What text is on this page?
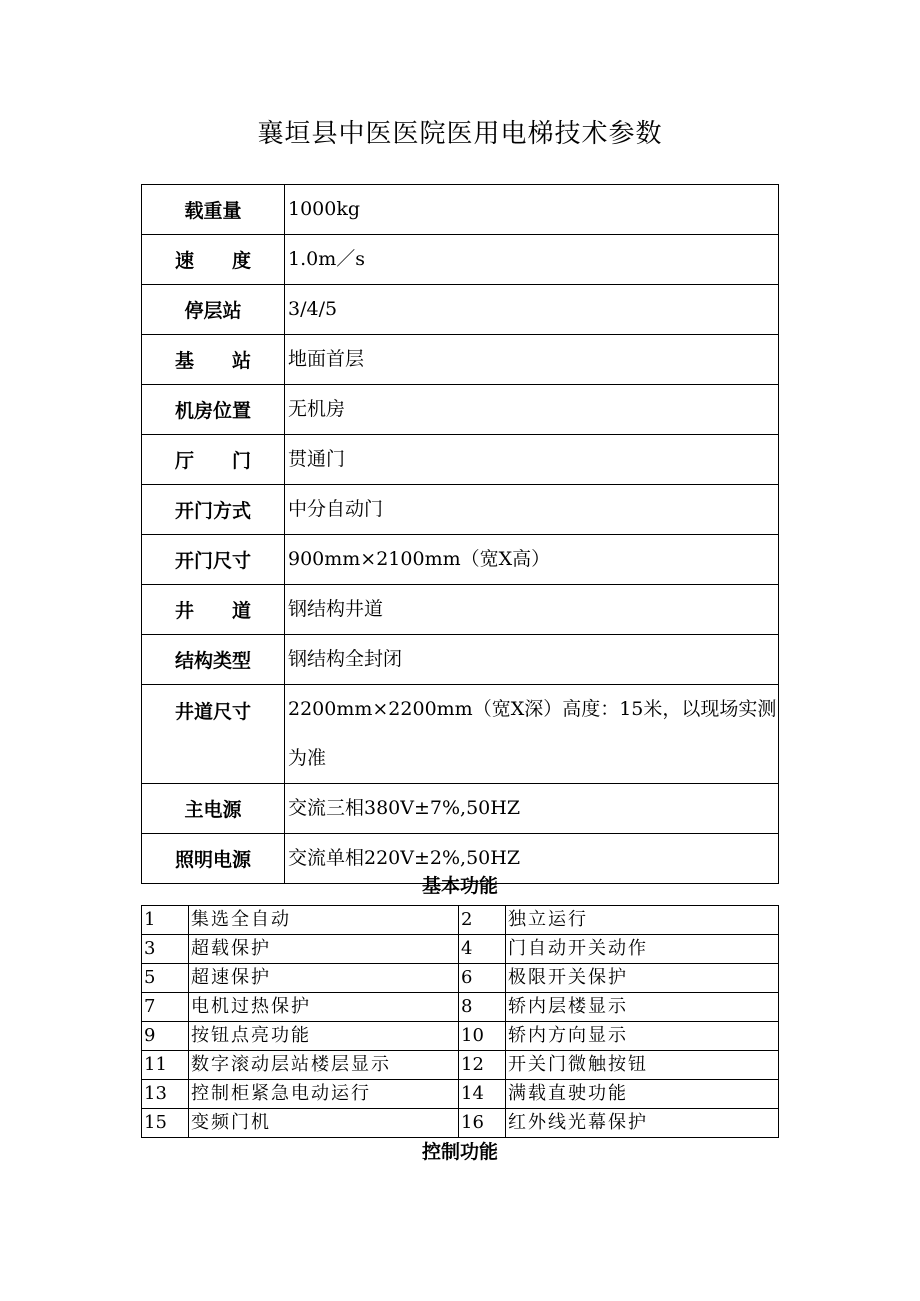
襄垣县中医医院医用电梯技术参数
载重量	1000kg
速　　度	1.0m／s
停层站	3/4/5
基　　站	地面首层
机房位置	无机房
厅　　门	贯通门
开门方式	中分自动门
开门尺寸	900mm×2100mm（宽X高）
井　　道	钢结构井道
结构类型	钢结构全封闭
井道尺寸	2200mm×2200mm（宽X深）高度：15米，以现场实测为准
主电源	交流三相380V±7%,50HZ
照明电源	交流单相220V±2%,50HZ
基本功能
1	集选全自动	2	独立运行
3	超载保护	4	门自动开关动作
5	超速保护	6	极限开关保护
7	电机过热保护	8	轿内层楼显示
9	按钮点亮功能	10	轿内方向显示
11	数字滚动层站楼层显示	12	开关门微触按钮
13	控制柜紧急电动运行	14	满载直驶功能
15	变频门机	16	红外线光幕保护
控制功能
